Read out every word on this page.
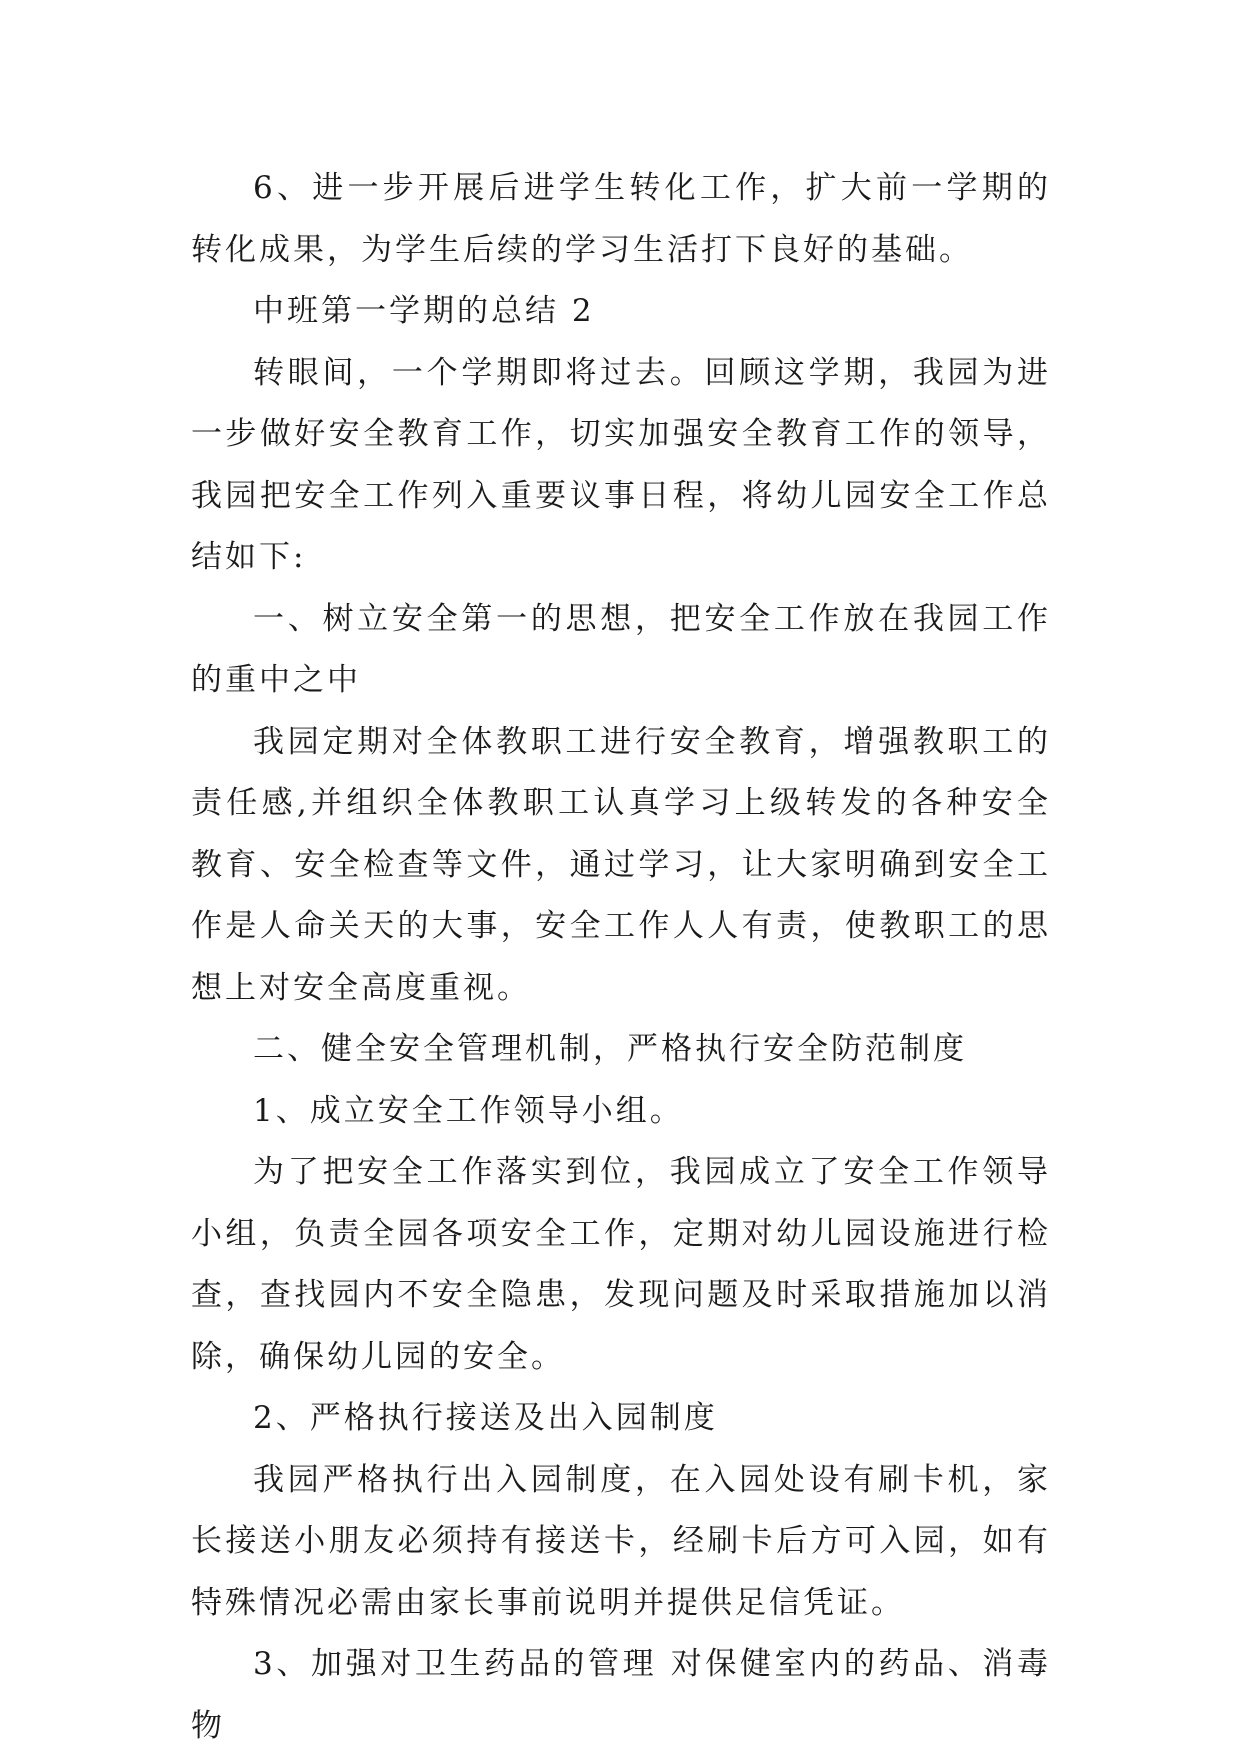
6、进一步开展后进学生转化工作，扩大前一学期的转化成果，为学生后续的学习生活打下良好的基础。

中班第一学期的总结 2

转眼间，一个学期即将过去。回顾这学期，我园为进一步做好安全教育工作，切实加强安全教育工作的领导，我园把安全工作列入重要议事日程，将幼儿园安全工作总结如下:

一、树立安全第一的思想，把安全工作放在我园工作的重中之中

我园定期对全体教职工进行安全教育，增强教职工的责任感,并组织全体教职工认真学习上级转发的各种安全教育、安全检查等文件，通过学习，让大家明确到安全工作是人命关天的大事，安全工作人人有责，使教职工的思想上对安全高度重视。

二、健全安全管理机制，严格执行安全防范制度

1、成立安全工作领导小组。

为了把安全工作落实到位，我园成立了安全工作领导小组，负责全园各项安全工作，定期对幼儿园设施进行检查，查找园内不安全隐患，发现问题及时采取措施加以消除，确保幼儿园的安全。

2、严格执行接送及出入园制度

我园严格执行出入园制度，在入园处设有刷卡机，家长接送小朋友必须持有接送卡，经刷卡后方可入园，如有特殊情况必需由家长事前说明并提供足信凭证。

3、加强对卫生药品的管理 对保健室内的药品、消毒物
